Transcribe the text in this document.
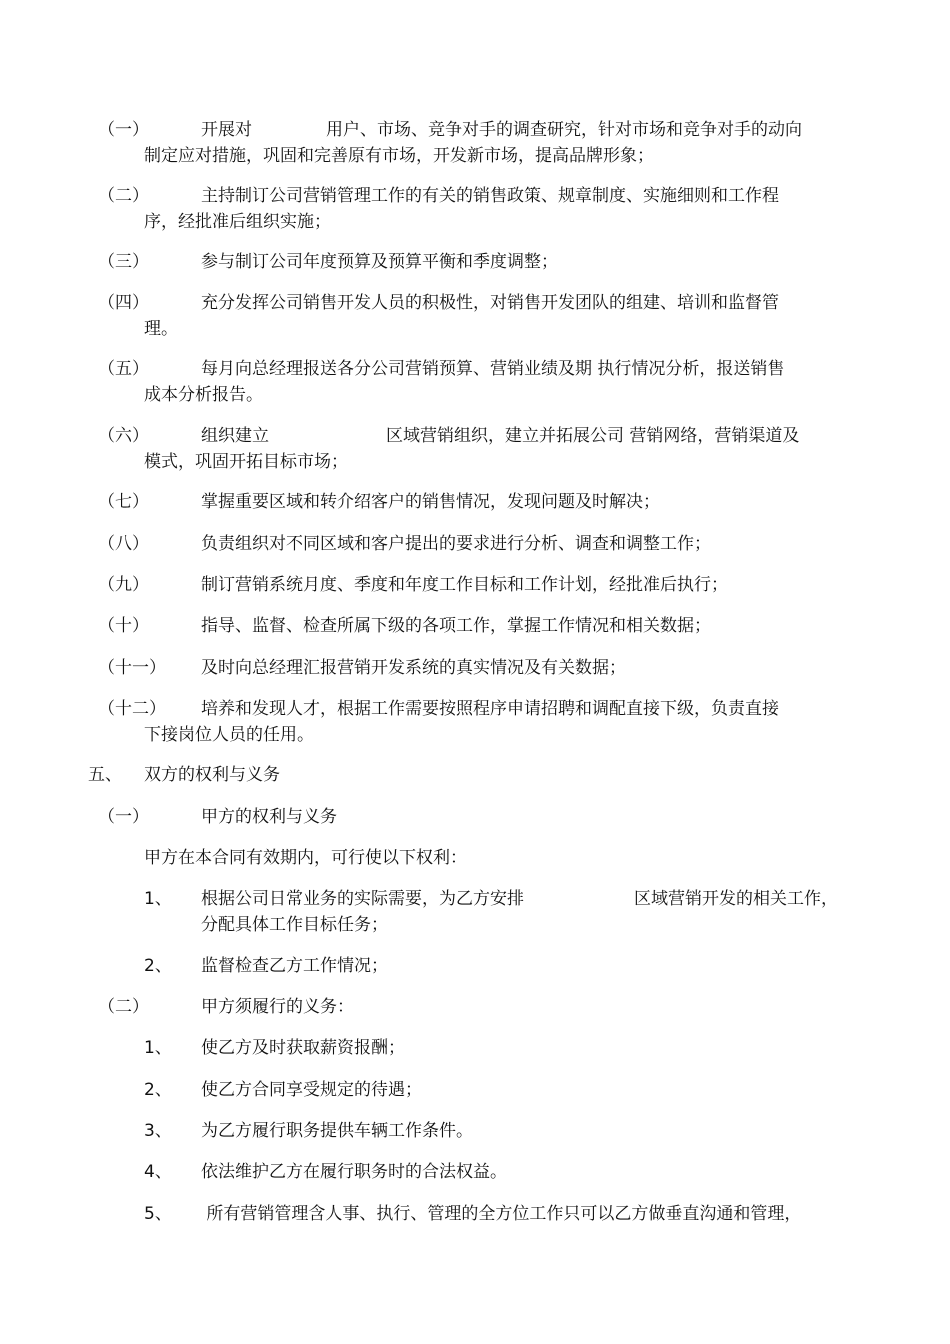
（一）	开展对	用户、市场、竞争对手的调查研究，针对市场和竞争对手的动向
制定应对措施，巩固和完善原有市场，开发新市场，提高品牌形象；
（二）	主持制订公司营销管理工作的有关的销售政策、规章制度、实施细则和工作程
序，经批准后组织实施；
（三）	参与制订公司年度预算及预算平衡和季度调整；
（四）	充分发挥公司销售开发人员的积极性，对销售开发团队的组建、培训和监督管
理。
（五）	每月向总经理报送各分公司营销预算、营销业绩及期 执行情况分析，报送销售
成本分析报告。
（六）	组织建立	区域营销组织，建立并拓展公司 营销网络，营销渠道及
模式，巩固开拓目标市场；
（七）	掌握重要区域和转介绍客户的销售情况，发现问题及时解决；
（八）	负责组织对不同区域和客户提出的要求进行分析、调查和调整工作；
（九）	制订营销系统月度、季度和年度工作目标和工作计划，经批准后执行；
（十）	指导、监督、检查所属下级的各项工作，掌握工作情况和相关数据；
（十一） 及时向总经理汇报营销开发系统的真实情况及有关数据；
（十二） 培养和发现人才，根据工作需要按照程序申请招聘和调配直接下级，负责直接
下接岗位人员的任用。
五、 双方的权利与义务
（一）	甲方的权利与义务
甲方在本合同有效期内，可行使以下权利：
1、 根据公司日常业务的实际需要，为乙方安排	区域营销开发的相关工作，
分配具体工作目标任务；
2、 监督检查乙方工作情况；
（二）	甲方须履行的义务：
1、 使乙方及时获取薪资报酬；
2、 使乙方合同享受规定的待遇；
3、 为乙方履行职务提供车辆工作条件。
4、 依法维护乙方在履行职务时的合法权益。
5、 所有营销管理含人事、执行、管理的全方位工作只可以乙方做垂直沟通和管理，
